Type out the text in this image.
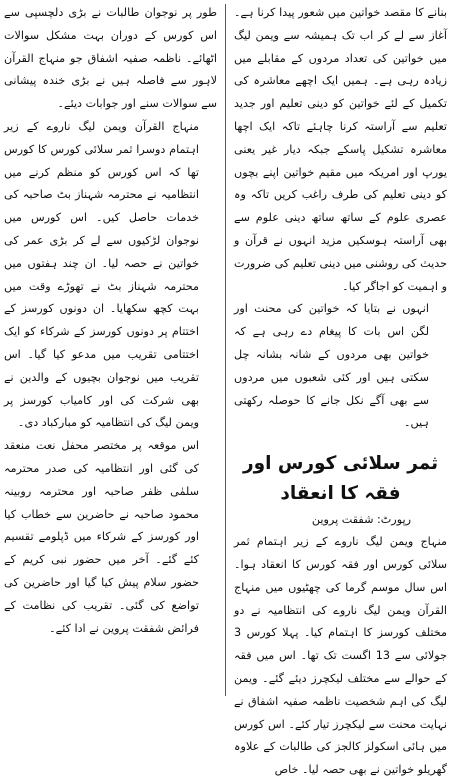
بنانے کا مقصد خواتین میں شعور پیدا کرنا ہے۔ آغاز سے لے کر اب تک ہمیشہ سے ویمن لیگ میں خواتین کی تعداد مردوں کے مقابلے میں زیادہ رہی ہے۔ ہمیں ایک اچھے معاشرہ کی تکمیل کے لئے خواتین کو دینی تعلیم اور جدید تعلیم سے آراستہ کرنا چاہئے تاکہ ایک اچھا معاشرہ تشکیل پاسکے جبکہ دیار غیر یعنی یورپ اور امریکہ میں مقیم خواتین اپنے بچوں کو دینی تعلیم کی طرف راغب کریں تاکہ وہ عصری علوم کے ساتھ ساتھ دینی علوم سے بھی آراستہ ہوسکیں مزید انہوں نے قرآن و حدیث کی روشنی میں دینی تعلیم کی ضرورت و اہمیت کو اجاگر کیا۔

انہوں نے بتایا کہ خواتین کی محنت اور لگن اس بات کا پیغام دے رہی ہے کہ خواتین بھی مردوں کے شانہ بشانہ چل سکتی ہیں اور کئی شعبوں میں مردوں سے بھی آگے نکل جانے کا حوصلہ رکھتی ہیں۔

ثمر سلائی کورس اور فقہ کا انعقاد

رپورٹ: شفقت پروین

منہاج ویمن لیگ ناروے کے زیر اہتمام ثمر سلائی کورس اور فقہ کورس کا انعقاد ہوا۔ اس سال موسم گرما کی چھٹیوں میں منہاج القرآن ویمن لیگ ناروے کی انتظامیہ نے دو مختلف کورسز کا اہتمام کیا۔ پہلا کورس 3 جولائی سے 13 اگست تک تھا۔ اس میں فقہ کے حوالے سے مختلف لیکچرز دیئے گئے۔ ویمن لیگ کی اہم شخصیت ناظمہ صفیہ اشفاق نے نہایت محنت سے لیکچرز تیار کئے۔ اس کورس میں ہائی اسکولز کالجز کی طالبات کے علاوہ گھریلو خواتین نے بھی حصہ لیا۔ خاص

طور پر نوجوان طالبات نے بڑی دلچسپی سے اس کورس کے دوران بہت مشکل سوالات اٹھائے۔ ناظمہ صفیہ اشفاق جو منہاج القرآن لاہور سے فاصلہ ہیں نے بڑی خندہ پیشانی سے سوالات سنے اور جوابات دیئے۔

منہاج القرآن ویمن لیگ ناروے کے زیر اہتمام دوسرا ثمر سلائی کورس کا کورس تھا کہ اس کورس کو منظم کرنے میں انتظامیہ نے محترمہ شہناز بٹ صاحبہ کی خدمات حاصل کیں۔ اس کورس میں نوجوان لڑکیوں سے لے کر بڑی عمر کی خواتین نے حصہ لیا۔ ان چند ہفتوں میں محترمہ شہناز بٹ نے تھوڑے وقت میں بہت کچھ سکھایا۔ ان دونوں کورسز کے اختتام پر دونوں کورسز کے شرکاء کو ایک اختتامی تقریب میں مدعو کیا گیا۔ اس تقریب میں نوجوان بچیوں کے والدین نے بھی شرکت کی اور کامیاب کورسز پر ویمن لیگ کی انتظامیہ کو مبارکباد دی۔

اس موقعہ پر مختصر محفل نعت منعقد کی گئی اور انتظامیہ کی صدر محترمہ سلمٰی ظفر صاحبہ اور محترمہ روبینہ محمود صاحبہ نے حاضرین سے خطاب کیا اور کورسز کے شرکاء میں ڈپلومے تقسیم کئے گئے۔ آخر میں حضور نبی کریم کے حضور سلام پیش کیا گیا اور حاضرین کی تواضع کی گئی۔ تقریب کی نظامت کے فرائض شفقت پروین نے ادا کئے۔
